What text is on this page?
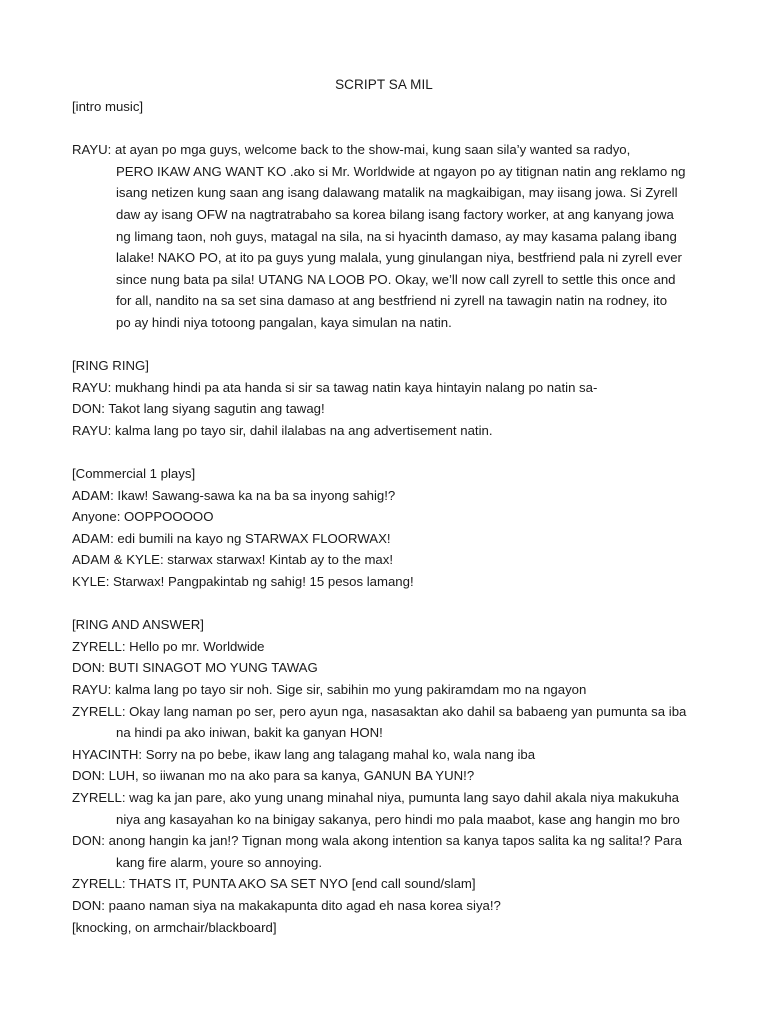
SCRIPT SA MIL
[intro music]
RAYU: at ayan po mga guys, welcome back to the show-mai, kung saan sila’y wanted sa radyo,
PERO IKAW ANG WANT KO .ako si Mr. Worldwide at ngayon po ay titignan natin ang reklamo ng
isang netizen kung saan ang isang dalawang matalik na magkaibigan, may iisang jowa. Si Zyrell
daw ay isang OFW na nagtratrabaho sa korea bilang isang factory worker, at ang kanyang jowa
ng limang taon, noh guys, matagal na sila, na si hyacinth damaso, ay may kasama palang ibang
lalake! NAKO PO, at ito pa guys yung malala, yung ginulangan niya, bestfriend pala ni zyrell ever
since nung bata pa sila! UTANG NA LOOB PO. Okay, we’ll now call zyrell to settle this once and
for all, nandito na sa set sina damaso at ang bestfriend ni zyrell na tawagin natin na rodney, ito
po ay hindi niya totoong pangalan, kaya simulan na natin.
[RING RING]
RAYU: mukhang hindi pa ata handa si sir sa tawag natin kaya hintayin nalang po natin sa-
DON: Takot lang siyang sagutin ang tawag!
RAYU: kalma lang po tayo sir, dahil ilalabas na ang advertisement natin.
[Commercial 1 plays]
ADAM: Ikaw! Sawang-sawa ka na ba sa inyong sahig!?
Anyone: OOPPOOOOO
ADAM: edi bumili na kayo ng STARWAX FLOORWAX!
ADAM & KYLE: starwax starwax! Kintab ay to the max!
KYLE: Starwax! Pangpakintab ng sahig! 15 pesos lamang!
[RING AND ANSWER]
ZYRELL: Hello po mr. Worldwide
DON: BUTI SINAGOT MO YUNG TAWAG
RAYU: kalma lang po tayo sir noh. Sige sir, sabihin mo yung pakiramdam mo na ngayon
ZYRELL: Okay lang naman po ser, pero ayun nga, nasasaktan ako dahil sa babaeng yan pumunta sa iba
na hindi pa ako iniwan, bakit ka ganyan HON!
HYACINTH: Sorry na po bebe, ikaw lang ang talagang mahal ko, wala nang iba
DON: LUH, so iiwanan mo na ako para sa kanya, GANUN BA YUN!?
ZYRELL: wag ka jan pare, ako yung unang minahal niya, pumunta lang sayo dahil akala niya makukuha
niya ang kasayahan ko na binigay sakanya, pero hindi mo pala maabot, kase ang hangin mo bro
DON: anong hangin ka jan!? Tignan mong wala akong intention sa kanya tapos salita ka ng salita!? Para
kang fire alarm, youre so annoying.
ZYRELL: THATS IT, PUNTA AKO SA SET NYO [end call sound/slam]
DON: paano naman siya na makakapunta dito agad eh nasa korea siya!?
[knocking, on armchair/blackboard]
